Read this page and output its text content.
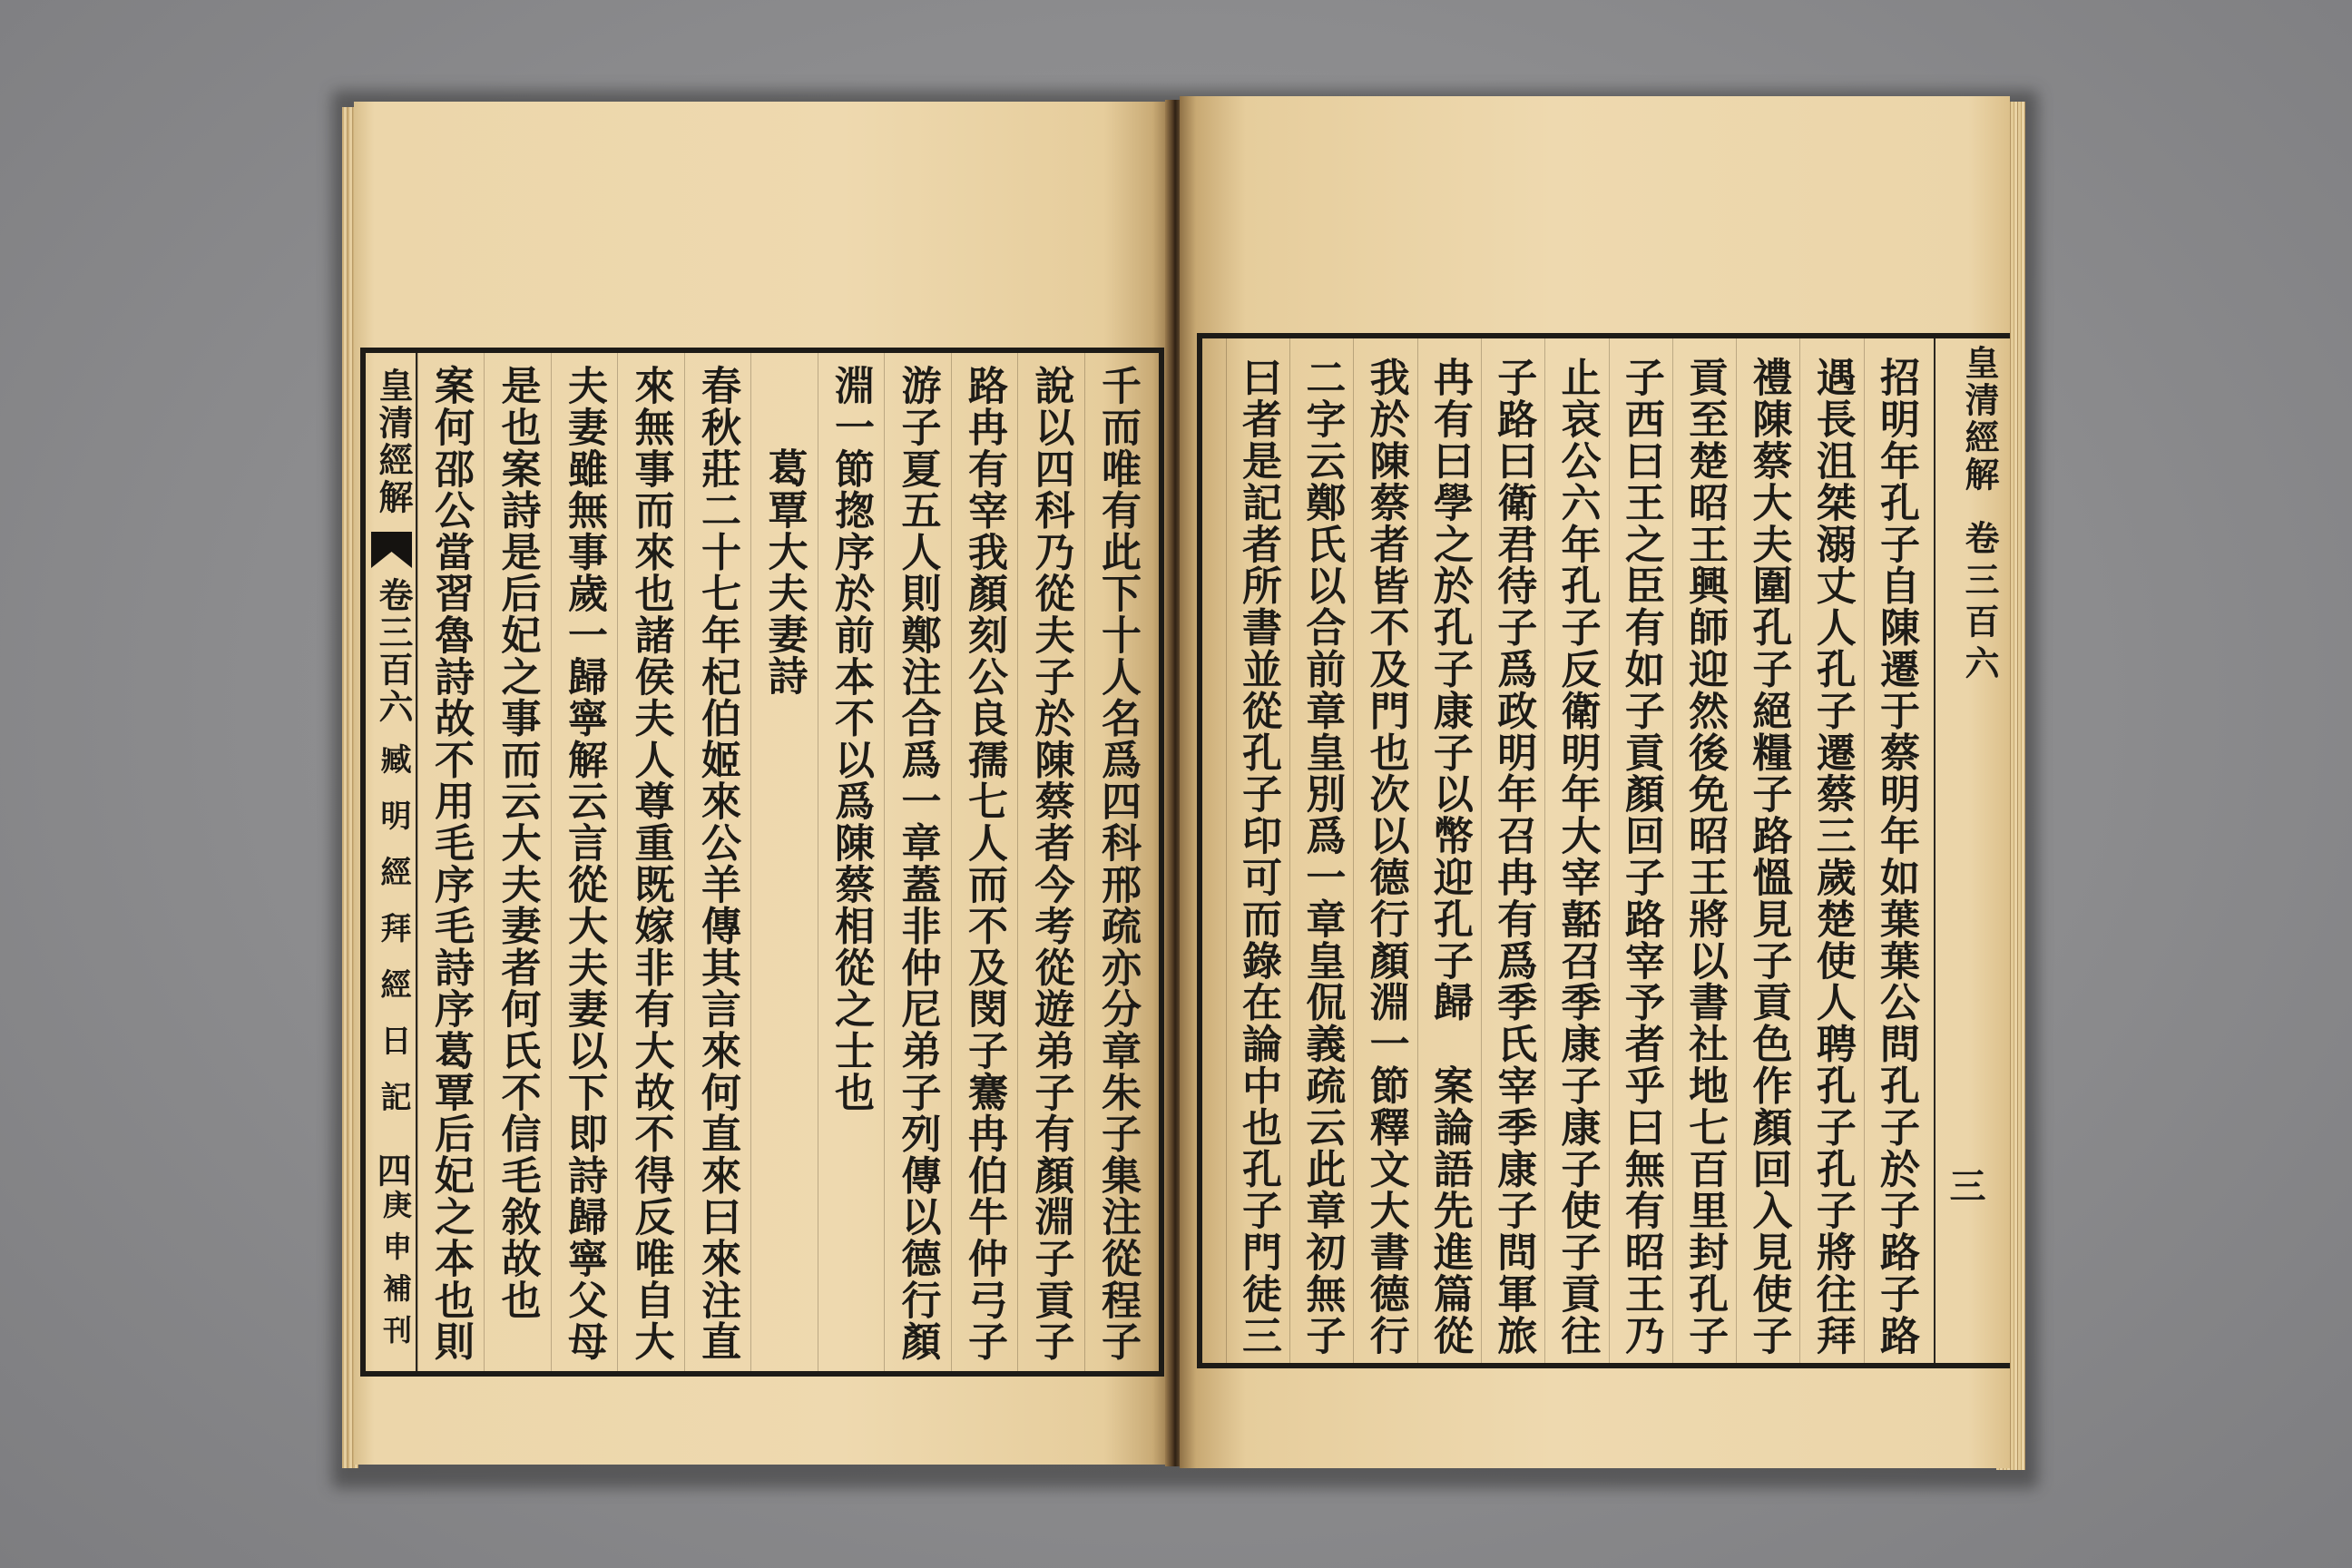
皇清經解
卷三百六
臧明經拜經日記
四
庚申補刊	千而唯有此下十人名爲四科邢疏亦分章朱子集注從程子
說以四科乃從夫子於陳蔡者今考從遊弟子有顏淵子貢子
路冉有宰我顏刻公良孺七人而不及閔子騫冉伯牛仲弓子
游子夏五人則鄭注合爲一章蓋非仲尼弟子列傳以德行顏
淵一節揔序於前本不以爲陳蔡相從之士也
葛覃大夫妻詩
春秋莊二十七年杞伯姬來公羊傳其言來何直來曰來注直
來無事而來也諸侯夫人尊重既嫁非有大故不得反唯自大
夫妻雖無事歲一歸寧解云言從大夫妻以下即詩歸寧父母
是也案詩是后妃之事而云大夫妻者何氏不信毛敘故也
案何邵公當習魯詩故不用毛序毛詩序葛覃后妃之本也則	招明年孔子自陳遷于蔡明年如葉葉公問孔子於子路子路
遇長沮桀溺丈人孔子遷蔡三歲楚使人聘孔子孔子將往拜
禮陳蔡大夫圍孔子絕糧子路慍見子貢色作顏回入見使子
貢至楚昭王興師迎然後免昭王將以書社地七百里封孔子
子西曰王之臣有如子貢顏回子路宰予者乎曰無有昭王乃
止哀公六年孔子反衛明年大宰嚭召季康子康子使子貢往
子路曰衛君待子爲政明年召冉有爲季氏宰季康子問軍旅
冉有曰學之於孔子康子以幣迎孔子歸　案論語先進篇從
我於陳蔡者皆不及門也次以德行顏淵一節釋文大書德行
二字云鄭氏以合前章皇別爲一章皇侃義疏云此章初無子
曰者是記者所書並從孔子印可而錄在論中也孔子門徒三	皇清經解
卷三百六
三
